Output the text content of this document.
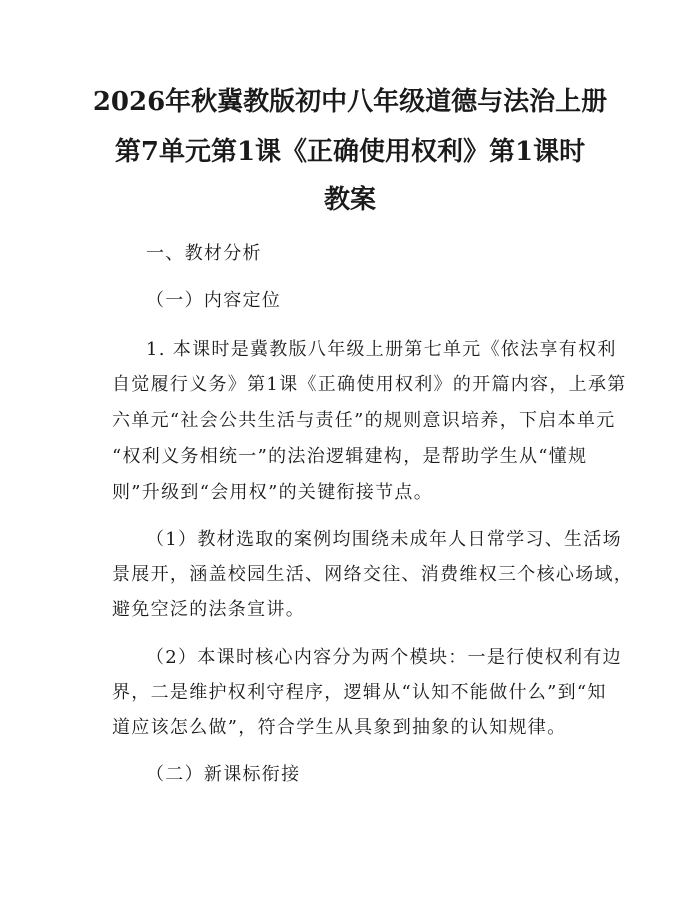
2026年秋冀教版初中八年级道德与法治上册
第7单元第1课《正确使用权利》第1课时
教案
一、教材分析
（一）内容定位
1. 本课时是冀教版八年级上册第七单元《依法享有权利
自觉履行义务》第1课《正确使用权利》的开篇内容，上承第
六单元“社会公共生活与责任”的规则意识培养，下启本单元
“权利义务相统一”的法治逻辑建构，是帮助学生从“懂规
则”升级到“会用权”的关键衔接节点。
（1）教材选取的案例均围绕未成年人日常学习、生活场
景展开，涵盖校园生活、网络交往、消费维权三个核心场域，
避免空泛的法条宣讲。
（2）本课时核心内容分为两个模块：一是行使权利有边
界，二是维护权利守程序，逻辑从“认知不能做什么”到“知
道应该怎么做”，符合学生从具象到抽象的认知规律。
（二）新课标衔接
